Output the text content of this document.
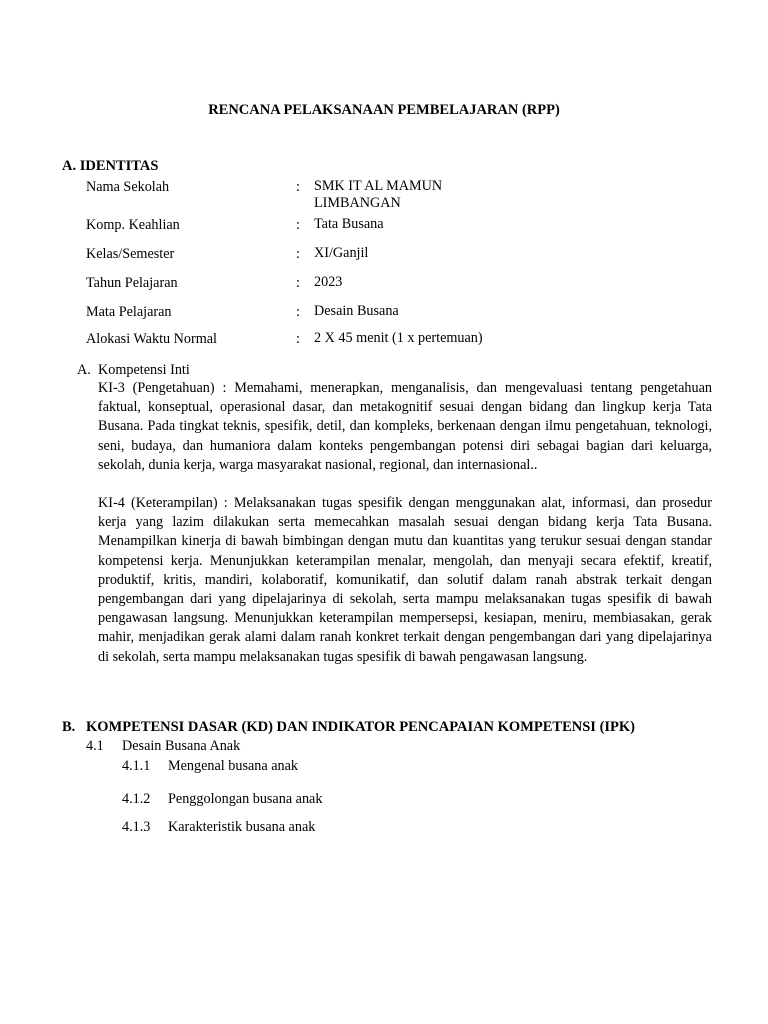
RENCANA PELAKSANAAN PEMBELAJARAN (RPP)
A. IDENTITAS
Nama Sekolah	: SMK IT AL MAMUN LIMBANGAN
Komp. Keahlian	: Tata Busana
Kelas/Semester	: XI/Ganjil
Tahun Pelajaran	: 2023
Mata Pelajaran	: Desain Busana
Alokasi Waktu Normal	: 2 X 45 menit (1 x pertemuan)
A. Kompetensi Inti
KI-3 (Pengetahuan) : Memahami, menerapkan, menganalisis, dan mengevaluasi tentang pengetahuan faktual, konseptual, operasional dasar, dan metakognitif sesuai dengan bidang dan lingkup kerja Tata Busana. Pada tingkat teknis, spesifik, detil, dan kompleks, berkenaan dengan ilmu pengetahuan, teknologi, seni, budaya, dan humaniora dalam konteks pengembangan potensi diri sebagai bagian dari keluarga, sekolah, dunia kerja, warga masyarakat nasional, regional, dan internasional..
KI-4 (Keterampilan) : Melaksanakan tugas spesifik dengan menggunakan alat, informasi, dan prosedur kerja yang lazim dilakukan serta memecahkan masalah sesuai dengan bidang kerja Tata Busana. Menampilkan kinerja di bawah bimbingan dengan mutu dan kuantitas yang terukur sesuai dengan standar kompetensi kerja. Menunjukkan keterampilan menalar, mengolah, dan menyaji secara efektif, kreatif, produktif, kritis, mandiri, kolaboratif, komunikatif, dan solutif dalam ranah abstrak terkait dengan pengembangan dari yang dipelajarinya di sekolah, serta mampu melaksanakan tugas spesifik di bawah pengawasan langsung. Menunjukkan keterampilan mempersepsi, kesiapan, meniru, membiasakan, gerak mahir, menjadikan gerak alami dalam ranah konkret terkait dengan pengembangan dari yang dipelajarinya di sekolah, serta mampu melaksanakan tugas spesifik di bawah pengawasan langsung.
B. KOMPETENSI DASAR (KD) DAN INDIKATOR PENCAPAIAN KOMPETENSI (IPK)
4.1 Desain Busana Anak
4.1.1 Mengenal busana anak
4.1.2 Penggolongan busana anak
4.1.3 Karakteristik busana anak
